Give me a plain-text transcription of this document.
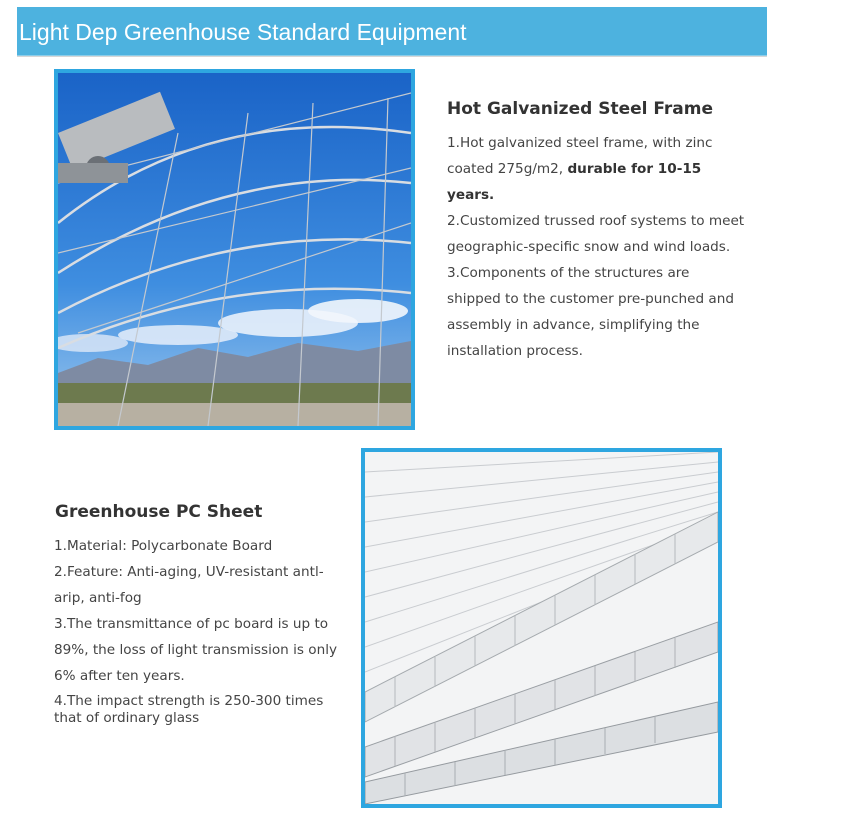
Light Dep Greenhouse Standard Equipment
Hot Galvanized Steel Frame

1.Hot galvanized steel frame, with zinc coated 275g/m2, durable for 10-15 years.

2.Customized trussed roof systems to meet geographic-specific snow and wind loads.

3.Components of the structures are shipped to the customer pre-punched and assembly in advance, simplifying the installation process.

Greenhouse PC Sheet

1.Material: Polycarbonate Board

2.Feature: Anti-aging, UV-resistant antl-arip, anti-fog

3.The transmittance of pc board is up to 89%, the loss of light transmission is only 6% after ten years.

4.The impact strength is 250-300 times that of ordinary glass
